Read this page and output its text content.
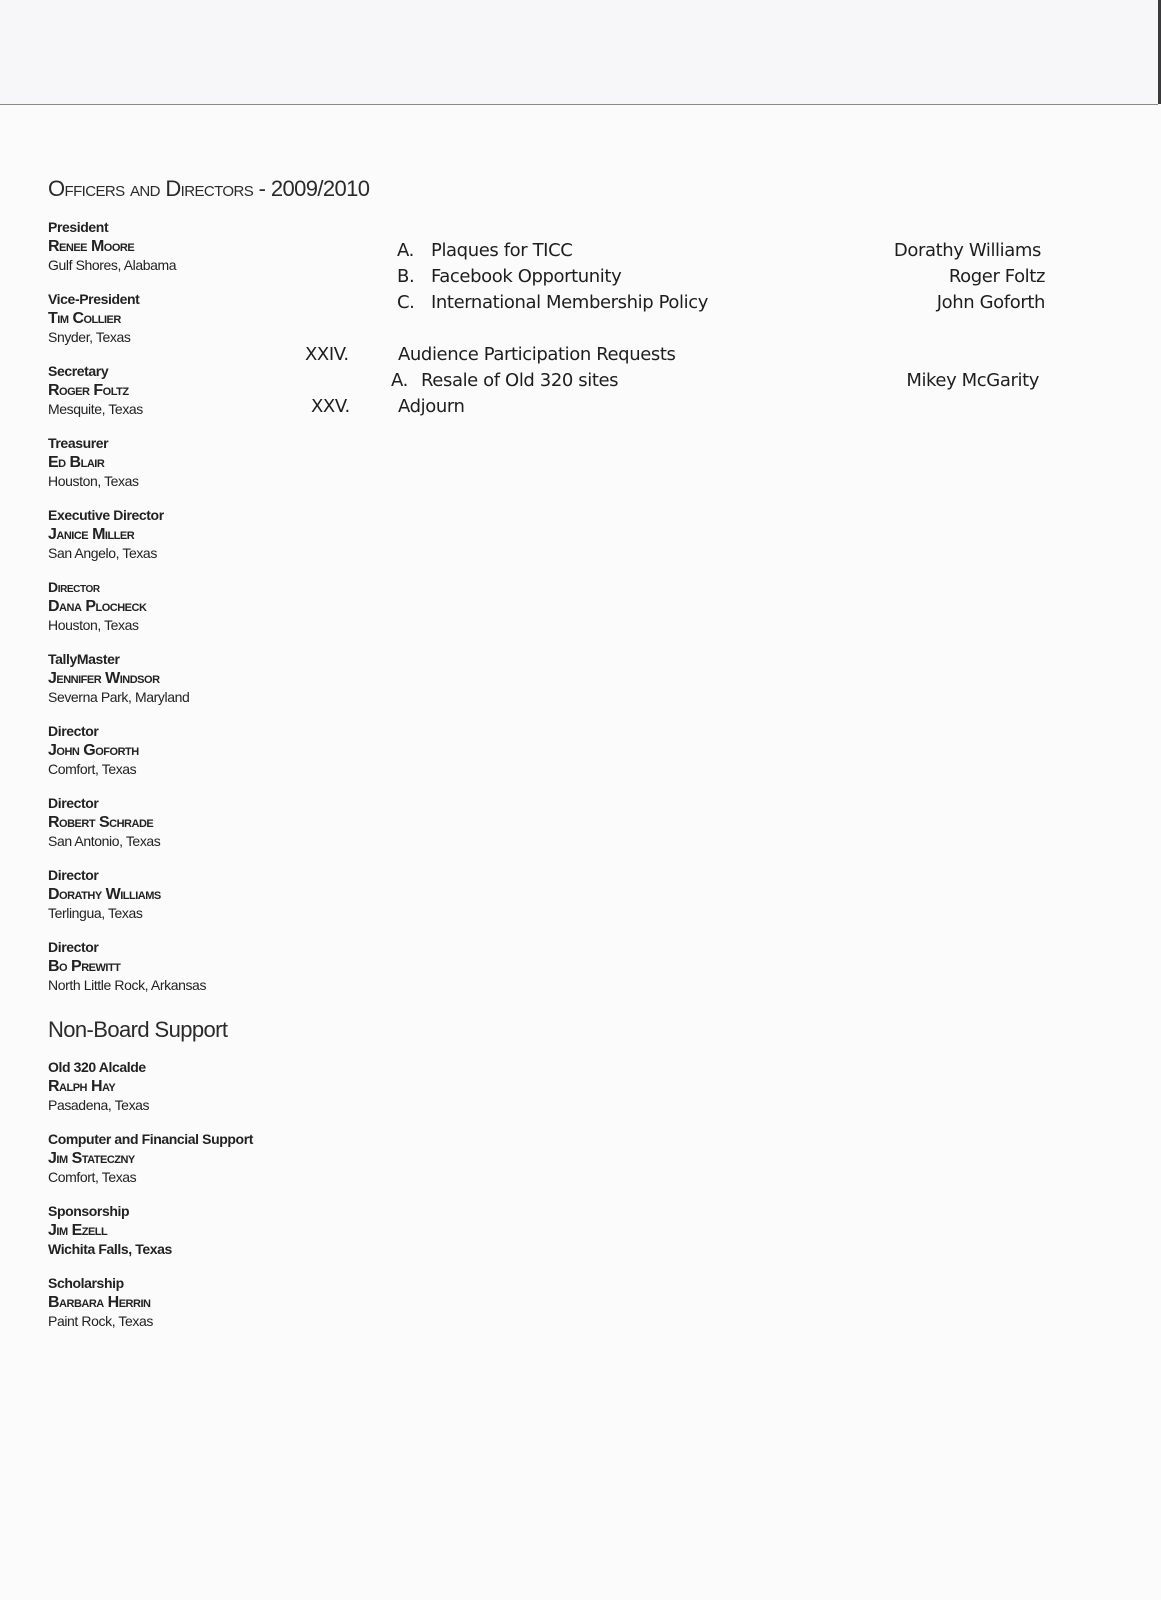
Officers and Directors - 2009/2010
President
Renee Moore
Gulf Shores, Alabama
Vice-President
Tim Collier
Snyder, Texas
Secretary
Roger Foltz
Mesquite, Texas
Treasurer
Ed Blair
Houston, Texas
Executive Director
Janice Miller
San Angelo, Texas
Director
Dana Plocheck
Houston, Texas
TallyMaster
Jennifer Windsor
Severna Park, Maryland
Director
John Goforth
Comfort, Texas
Director
Robert Schrade
San Antonio, Texas
Director
Dorathy Williams
Terlingua, Texas
Director
Bo Prewitt
North Little Rock, Arkansas
Non-Board Support
Old 320 Alcalde
Ralph Hay
Pasadena, Texas
Computer and Financial Support
Jim Stateczny
Comfort, Texas
Sponsorship
Jim Ezell
Wichita Falls, Texas
Scholarship
Barbara Herrin
Paint Rock, Texas
A. Plaques for TICC	Dorathy Williams
B. Facebook Opportunity	Roger Foltz
C. International Membership Policy	John Goforth
XXIV.	Audience Participation Requests
A. Resale of Old 320 sites	Mikey McGarity
XXV.	Adjourn
